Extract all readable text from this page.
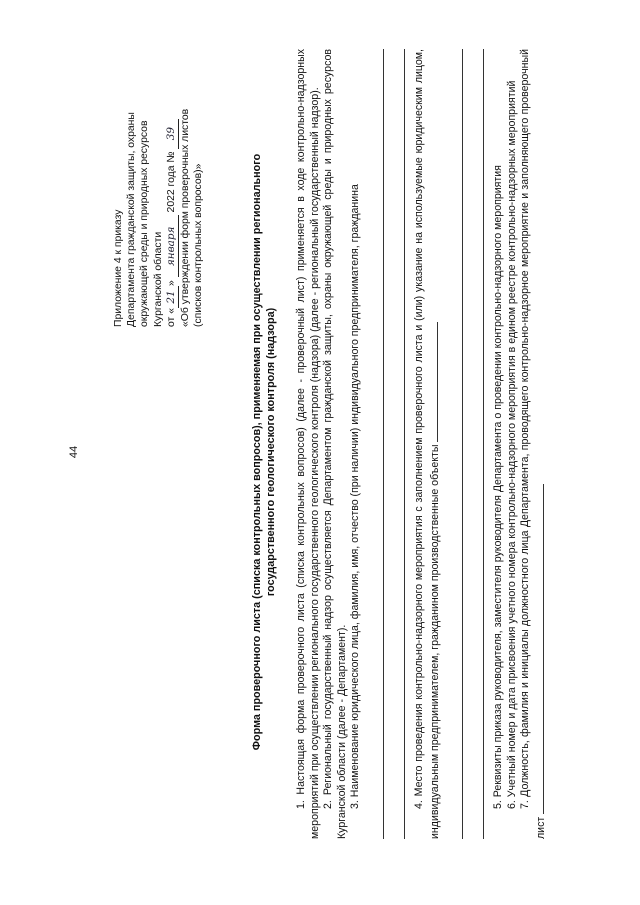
44
Приложение 4 к приказу Департамента гражданской защиты, охраны окружающей среды и природных ресурсов Курганской области от «21» января 2022 года № 39 «Об утверждении форм проверочных листов (списков контрольных вопросов)»	Форма проверочного листа (списка контрольных вопросов), применяемая при осуществлении регионального государственного геологического контроля (надзора) 1. Настоящая форма проверочного листа (списка контрольных вопросов) (далее - проверочный лист) применяется в ходе контрольно-надзорных мероприятий при осуществлении регионального государственного геологического контроля (надзора) (далее - региональный государственный надзор). 2. Региональный государственный надзор осуществляется Департаментом гражданской защиты, охраны окружающей среды и природных ресурсов Курганской области (далее - Департамент). 3. Наименование юридического лица, фамилия, имя, отчество (при наличии) индивидуального предпринимателя, гражданина	4. Место проведения контрольно-надзорного мероприятия с заполнением проверочного листа и (или) указание на используемые юридическим лицом, индивидуальным предпринимателем, гражданином производственные объекты	5. Реквизиты приказа руководителя, заместителя руководителя Департамента о проведении контрольно-надзорного мероприятия 6. Учетный номер и дата присвоения учетного номера контрольно-надзорного мероприятия в едином реестре контрольно-надзорных мероприятий 7. Должность, фамилия и инициалы должностного лица Департамента, проводящего контрольно-надзорное мероприятие и заполняющего проверочный лист
